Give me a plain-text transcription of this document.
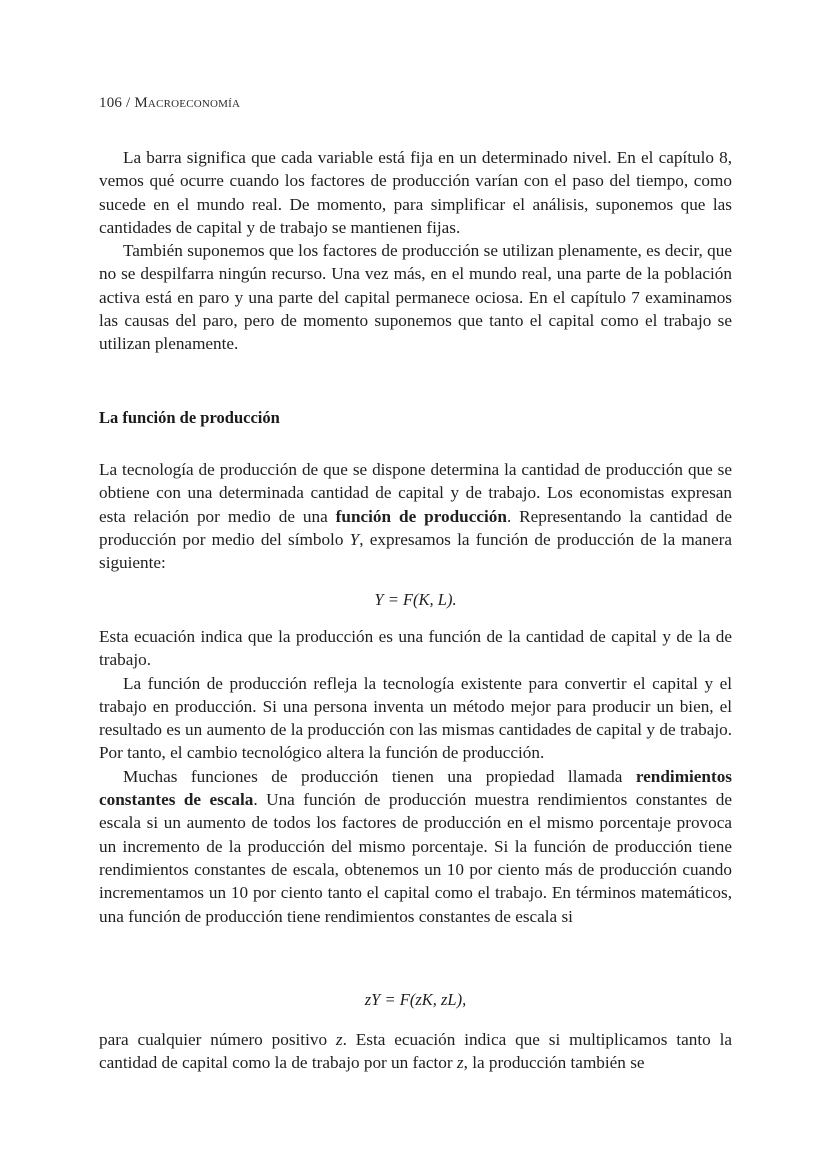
106 / Macroeconomía

La barra significa que cada variable está fija en un determinado nivel. En el capítulo 8, vemos qué ocurre cuando los factores de producción varían con el paso del tiempo, como sucede en el mundo real. De momento, para simplificar el análisis, suponemos que las cantidades de capital y de trabajo se mantienen fijas.

También suponemos que los factores de producción se utilizan plenamente, es decir, que no se despilfarra ningún recurso. Una vez más, en el mundo real, una parte de la población activa está en paro y una parte del capital permanece ociosa. En el capítulo 7 examinamos las causas del paro, pero de momento suponemos que tanto el capital como el trabajo se utilizan plenamente.

La función de producción

La tecnología de producción de que se dispone determina la cantidad de producción que se obtiene con una determinada cantidad de capital y de trabajo. Los economistas expresan esta relación por medio de una función de producción. Representando la cantidad de producción por medio del símbolo Y, expresamos la función de producción de la manera siguiente:

Y = F(K, L).

Esta ecuación indica que la producción es una función de la cantidad de capital y de la de trabajo.

La función de producción refleja la tecnología existente para convertir el capital y el trabajo en producción. Si una persona inventa un método mejor para producir un bien, el resultado es un aumento de la producción con las mismas cantidades de capital y de trabajo. Por tanto, el cambio tecnológico altera la función de producción.

Muchas funciones de producción tienen una propiedad llamada rendimientos constantes de escala. Una función de producción muestra rendimientos constantes de escala si un aumento de todos los factores de producción en el mismo porcentaje provoca un incremento de la producción del mismo porcentaje. Si la función de producción tiene rendimientos constantes de escala, obtenemos un 10 por ciento más de producción cuando incrementamos un 10 por ciento tanto el capital como el trabajo. En términos matemáticos, una función de producción tiene rendimientos constantes de escala si

zY = F(zK, zL),

para cualquier número positivo z. Esta ecuación indica que si multiplicamos tanto la cantidad de capital como la de trabajo por un factor z, la producción también se
